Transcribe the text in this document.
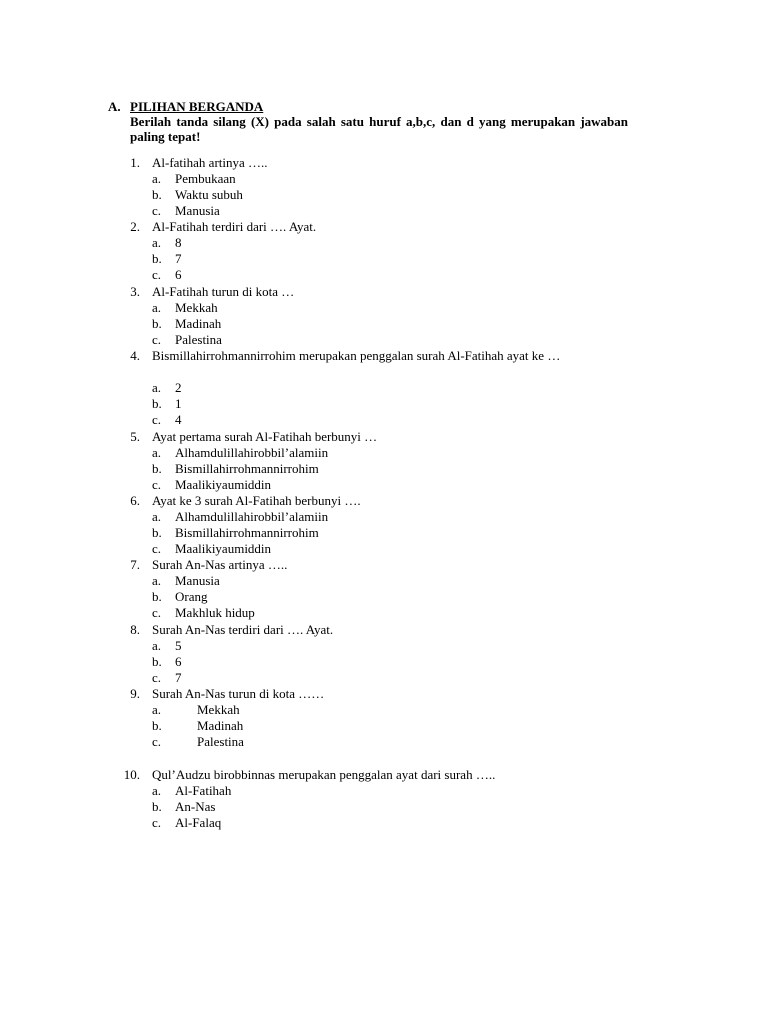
A. PILIHAN BERGANDA
Berilah tanda silang (X) pada salah satu huruf a,b,c, dan d yang merupakan jawaban paling tepat!
1. Al-fatihah artinya …..
a. Pembukaan
b. Waktu subuh
c. Manusia
2. Al-Fatihah terdiri dari …. Ayat.
a. 8
b. 7
c. 6
3. Al-Fatihah turun di kota …
a. Mekkah
b. Madinah
c. Palestina
4. Bismillahirrohmannirrohim merupakan penggalan surah Al-Fatihah ayat ke …
a. 2
b. 1
c. 4
5. Ayat pertama surah Al-Fatihah berbunyi …
a. Alhamdulillahirobbil’alamiin
b. Bismillahirrohmannirrohim
c. Maalikiyaumiddin
6. Ayat ke 3 surah Al-Fatihah berbunyi ….
a. Alhamdulillahirobbil’alamiin
b. Bismillahirrohmannirrohim
c. Maalikiyaumiddin
7. Surah An-Nas artinya …..
a. Manusia
b. Orang
c. Makhluk hidup
8. Surah An-Nas terdiri dari …. Ayat.
a. 5
b. 6
c. 7
9. Surah An-Nas turun di kota ……
a.	Mekkah
b.	Madinah
c.	Palestina
10. Qul’Audzu birobbinnas merupakan penggalan ayat dari surah …..
a. Al-Fatihah
b. An-Nas
c. Al-Falaq
